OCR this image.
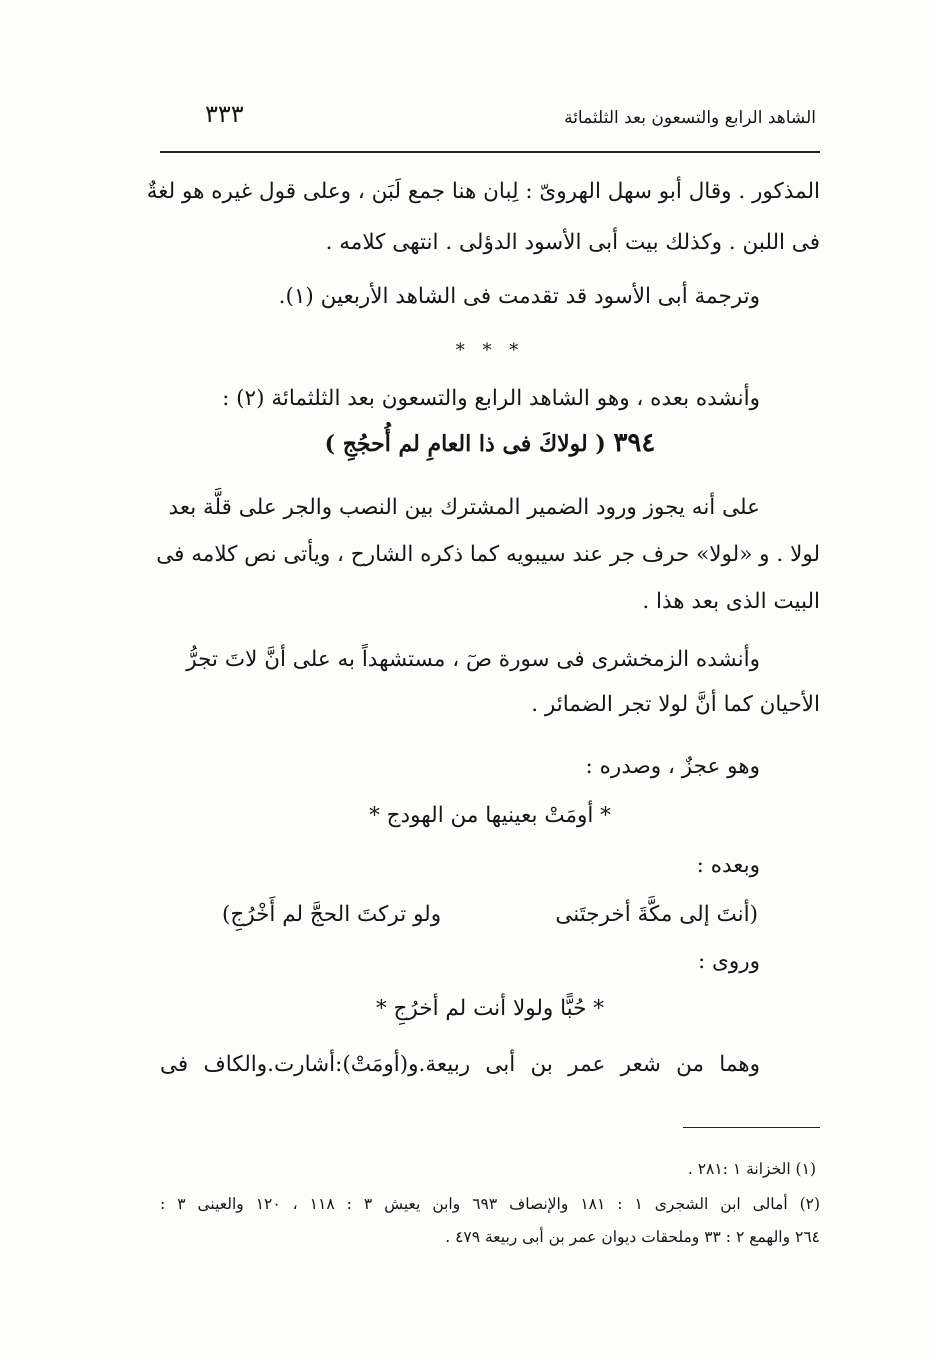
الشاهد الرابع والتسعون بعد الثلثمائة
٣٣٣
المذكور . وقال أبو سهل الهروىّ : لِبان هنا جمع لَبَن ، وعلى قول غيره هو لغةٌ
فى اللبن . وكذلك بيت أبى الأسود الدؤلى . انتهى كلامه .
وترجمة أبى الأسود قد تقدمت فى الشاهد الأربعين (١).
* * *
وأنشده بعده ، وهو الشاهد الرابع والتسعون بعد الثلثمائة (٢) :
٣٩٤ ( لولاكَ فى ذا العامِ لم أُحجُجِ )
على أنه يجوز ورود الضمير المشترك بين النصب والجر على قلَّة بعد
لولا . و «لولا» حرف جر عند سيبويه كما ذكره الشارح ، ويأتى نص كلامه فى
البيت الذى بعد هذا .
وأنشده الزمخشرى فى سورة صٓ ، مستشهداً به على أنَّ لاتَ تجرُّ
الأحيان كما أنَّ لولا تجر الضمائر .
وهو عجزٌ ، وصدره :
* أومَتْ بعينيها من الهودج *
وبعده :
(أنتَ إلى مكَّةَ أخرجتَنى
ولو تركتَ الحجَّ لم أَخْرُجِ)
وروى :
* حُبًّا ولولا أنت لم أخرُجِ *
وهما من شعر عمر بن أبى ربيعة.و(أومَتْ):أشارت.والكاف فى
(١) الخزانة ١ :٢٨١ .
(٢) أمالى ابن الشجرى ١ : ١٨١ والإنصاف ٦٩٣ وابن يعيش ٣ : ١١٨ ، ١٢٠ والعينى ٣ :
٢٦٤ والهمع ٢ : ٣٣ وملحقات ديوان عمر بن أبى ربيعة ٤٧٩ .
